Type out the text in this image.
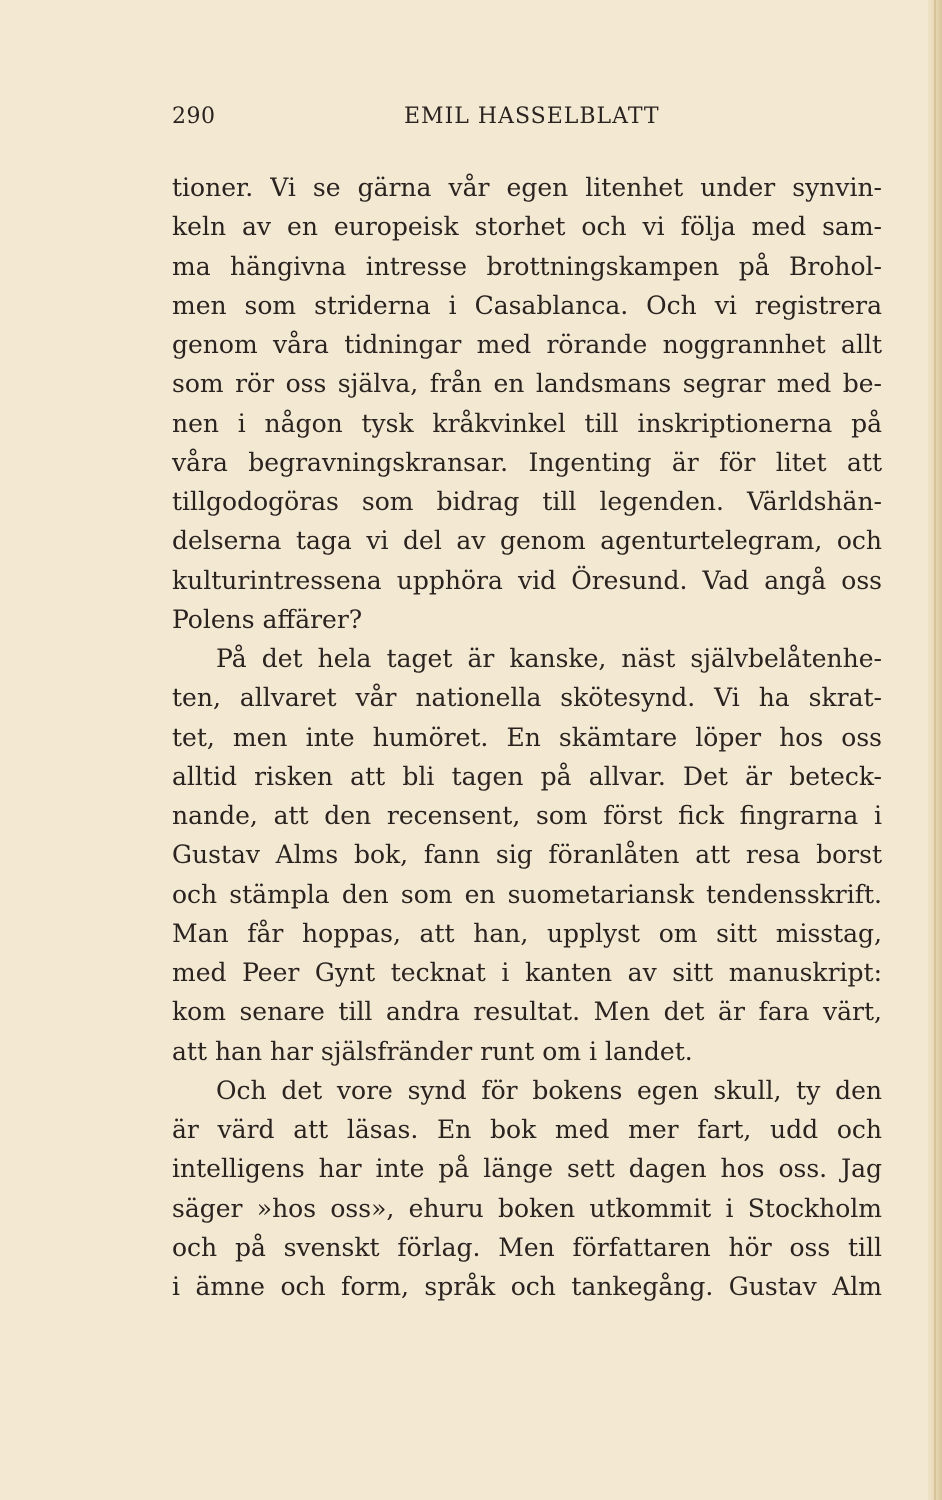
290	EMIL HASSELBLATT
tioner. Vi se gärna vår egen litenhet under synvin-
keln av en europeisk storhet och vi följa med sam-
ma hängivna intresse brottningskampen på Brohol-
men som striderna i Casablanca. Och vi registrera
genom våra tidningar med rörande noggrannhet allt
som rör oss själva, från en landsmans segrar med be-
nen i någon tysk kråkvinkel till inskriptionerna på
våra begravningskransar. Ingenting är för litet att
tillgodogöras som bidrag till legenden. Världshän-
delserna taga vi del av genom agenturtelegram, och
kulturintressena upphöra vid Öresund. Vad angå oss
Polens affärer?
På det hela taget är kanske, näst självbelåtenhe-
ten, allvaret vår nationella skötesynd. Vi ha skrat-
tet, men inte humöret. En skämtare löper hos oss
alltid risken att bli tagen på allvar. Det är beteck-
nande, att den recensent, som först fick fingrarna i
Gustav Alms bok, fann sig föranlåten att resa borst
och stämpla den som en suometariansk tendensskrift.
Man får hoppas, att han, upplyst om sitt misstag,
med Peer Gynt tecknat i kanten av sitt manuskript:
kom senare till andra resultat. Men det är fara värt,
att han har själsfränder runt om i landet.
Och det vore synd för bokens egen skull, ty den
är värd att läsas. En bok med mer fart, udd och
intelligens har inte på länge sett dagen hos oss. Jag
säger »hos oss», ehuru boken utkommit i Stockholm
och på svenskt förlag. Men författaren hör oss till
i ämne och form, språk och tankegång. Gustav Alm
